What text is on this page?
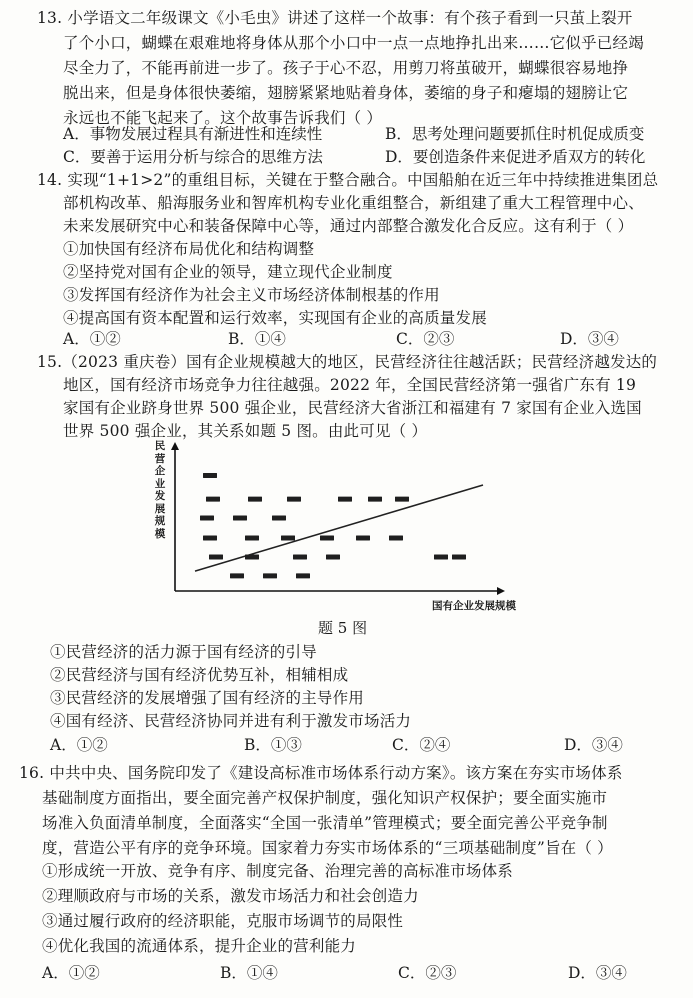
13. 小学语文二年级课文《小毛虫》讲述了这样一个故事：有个孩子看到一只茧上裂开
了个小口，蝴蝶在艰难地将身体从那个小口中一点一点地挣扎出来……它似乎已经竭
尽全力了，不能再前进一步了。孩子于心不忍，用剪刀将茧破开，蝴蝶很容易地挣
脱出来，但是身体很快萎缩，翅膀紧紧地贴着身体，萎缩的身子和瘪塌的翅膀让它
永远也不能飞起来了。这个故事告诉我们（ ）
A．事物发展过程具有渐进性和连续性	B．思考处理问题要抓住时机促成质变
C．要善于运用分析与综合的思维方法	D．要创造条件来促进矛盾双方的转化
14. 实现“1+1>2”的重组目标，关键在于整合融合。中国船舶在近三年中持续推进集团总
部机构改革、船海服务业和智库机构专业化重组整合，新组建了重大工程管理中心、
未来发展研究中心和装备保障中心等，通过内部整合激发化合反应。这有利于（ ）
①加快国有经济布局优化和结构调整
②坚持党对国有企业的领导，建立现代企业制度
③发挥国有经济作为社会主义市场经济体制根基的作用
④提高国有资本配置和运行效率，实现国有企业的高质量发展
A．①②	B．①④	C．②③	D．③④
15.（2023 重庆卷）国有企业规模越大的地区，民营经济往往越活跃；民营经济越发达的
地区，国有经济市场竞争力往往越强。2022 年，全国民营经济第一强省广东有 19
家国有企业跻身世界 500 强企业，民营经济大省浙江和福建有 7 家国有企业入选国
世界 500 强企业，其关系如题 5 图。由此可见（ ）
民营企业发展规模
国有企业发展规模
题 5 图
①民营经济的活力源于国有经济的引导
②民营经济与国有经济优势互补，相辅相成
③民营经济的发展增强了国有经济的主导作用
④国有经济、民营经济协同并进有利于激发市场活力
A．①②	B．①③	C．②④	D．③④
16. 中共中央、国务院印发了《建设高标准市场体系行动方案》。该方案在夯实市场体系
基础制度方面指出，要全面完善产权保护制度，强化知识产权保护；要全面实施市
场准入负面清单制度，全面落实“全国一张清单”管理模式；要全面完善公平竞争制
度，营造公平有序的竞争环境。国家着力夯实市场体系的“三项基础制度”旨在（ ）
①形成统一开放、竞争有序、制度完备、治理完善的高标准市场体系
②理顺政府与市场的关系，激发市场活力和社会创造力
③通过履行政府的经济职能，克服市场调节的局限性
④优化我国的流通体系，提升企业的营利能力
A．①②	B．①④	C．②③	D．③④
